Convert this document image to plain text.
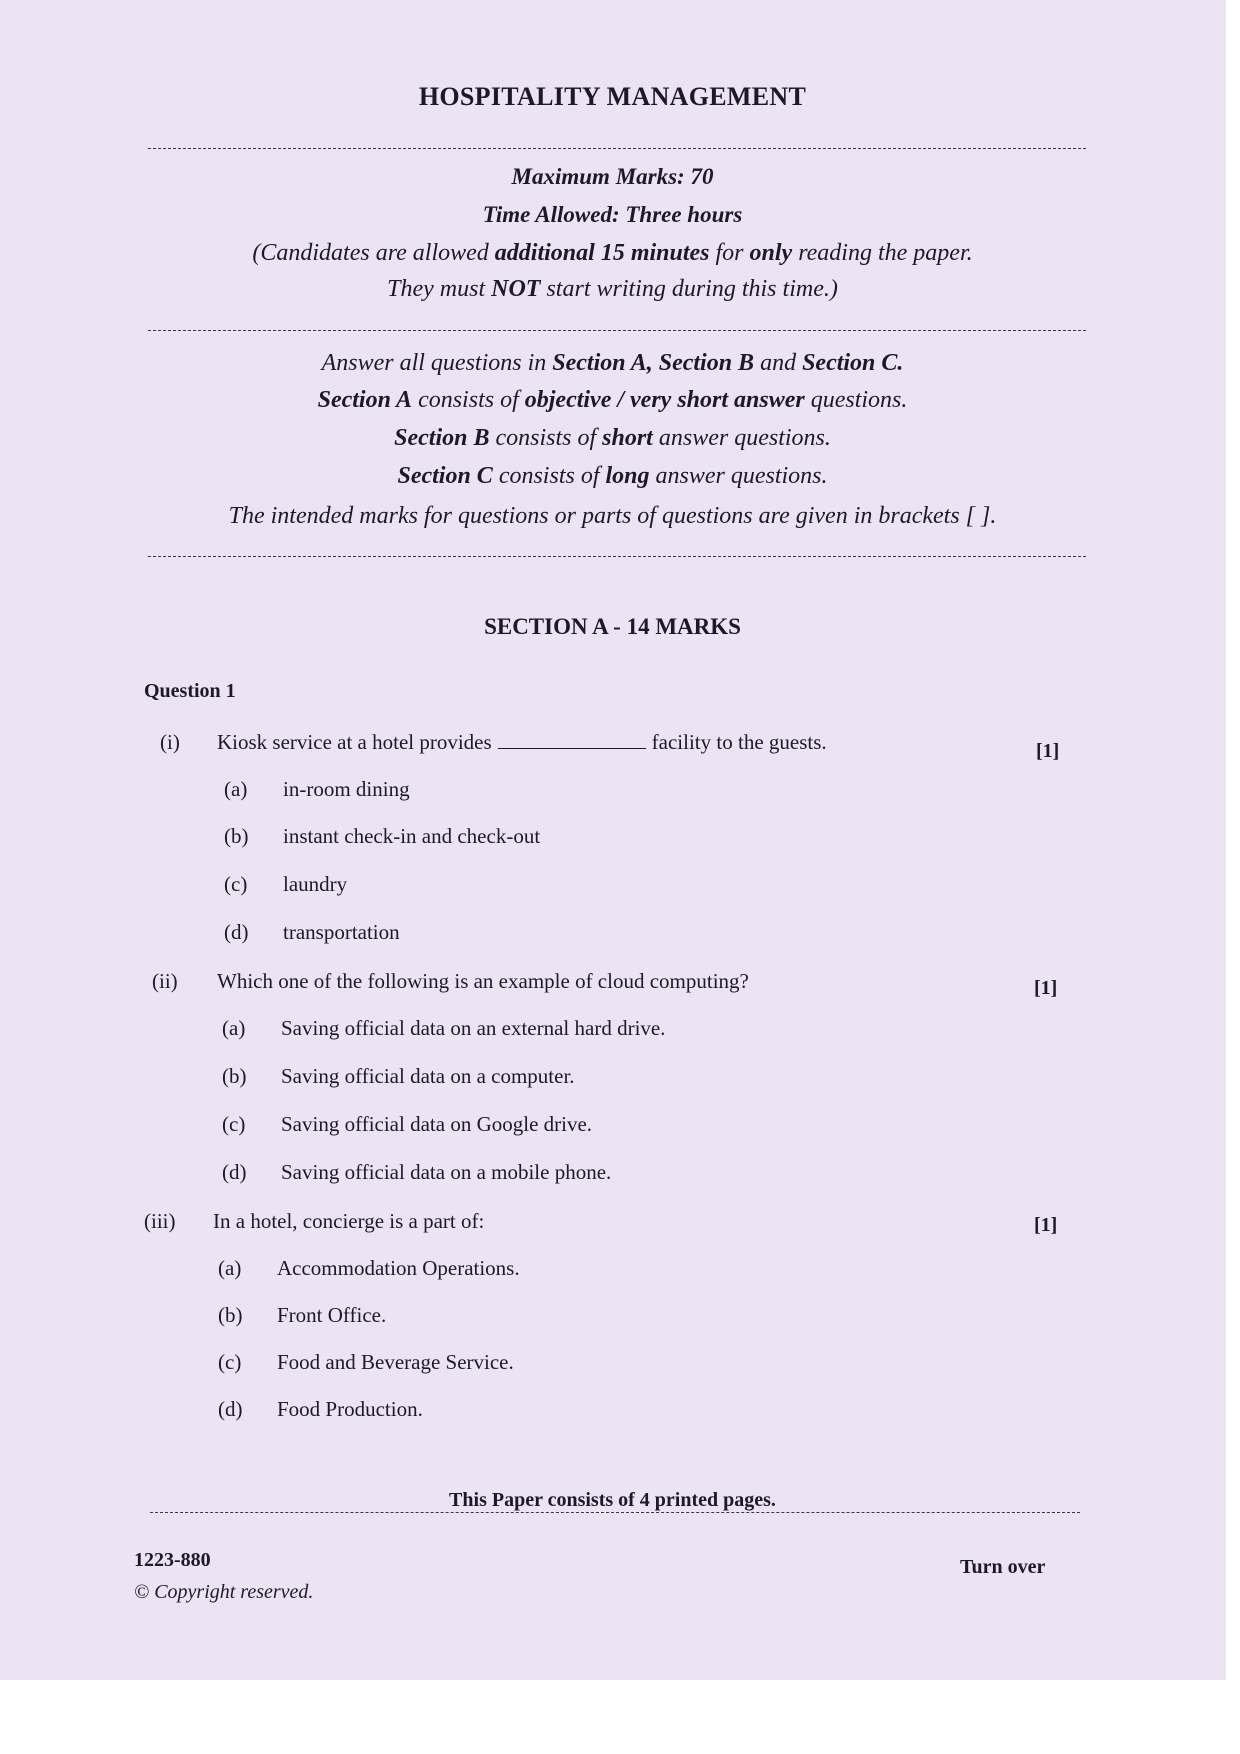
HOSPITALITY MANAGEMENT
Maximum Marks: 70
Time Allowed: Three hours
(Candidates are allowed additional 15 minutes for only reading the paper.
They must NOT start writing during this time.)
Answer all questions in Section A, Section B and Section C.
Section A consists of objective / very short answer questions.
Section B consists of short answer questions.
Section C consists of long answer questions.
The intended marks for questions or parts of questions are given in brackets [ ].
SECTION A - 14 MARKS
Question 1
(i) Kiosk service at a hotel provides	facility to the guests.	[1]
(a) in-room dining
(b) instant check-in and check-out
(c) laundry
(d) transportation
(ii) Which one of the following is an example of cloud computing?	[1]
(a) Saving official data on an external hard drive.
(b) Saving official data on a computer.
(c) Saving official data on Google drive.
(d) Saving official data on a mobile phone.
(iii) In a hotel, concierge is a part of:	[1]
(a) Accommodation Operations.
(b) Front Office.
(c) Food and Beverage Service.
(d) Food Production.
This Paper consists of 4 printed pages.
1223-880
© Copyright reserved.
Turn over
